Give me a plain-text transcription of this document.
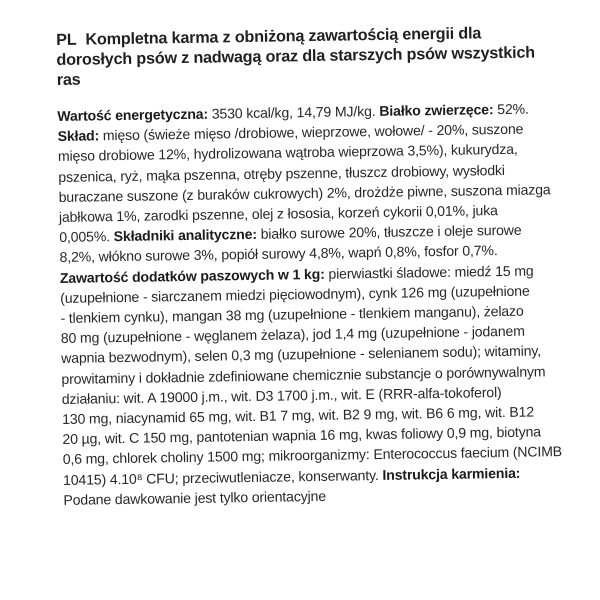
PL Kompletna karma z obniżoną zawartością energii dla
dorosłych psów z nadwagą oraz dla starszych psów wszystkich
ras
Wartość energetyczna: 3530 kcal/kg, 14,79 MJ/kg. Białko zwierzęce: 52%.
Skład: mięso (świeże mięso /drobiowe, wieprzowe, wołowe/ - 20%, suszone
mięso drobiowe 12%, hydrolizowana wątroba wieprzowa 3,5%), kukurydza,
pszenica, ryż, mąka pszenna, otręby pszenne, tłuszcz drobiowy, wysłodki
buraczane suszone (z buraków cukrowych) 2%, drożdże piwne, suszona miazga
jabłkowa 1%, zarodki pszenne, olej z łososia, korzeń cykorii 0,01%, juka
0,005%. Składniki analityczne: białko surowe 20%, tłuszcze i oleje surowe
8,2%, włókno surowe 3%, popiół surowy 4,8%, wapń 0,8%, fosfor 0,7%.
Zawartość dodatków paszowych w 1 kg: pierwiastki śladowe: miedź 15 mg
(uzupełnione - siarczanem miedzi pięciowodnym), cynk 126 mg (uzupełnione
- tlenkiem cynku), mangan 38 mg (uzupełnione - tlenkiem manganu), żelazo
80 mg (uzupełnione - węglanem żelaza), jod 1,4 mg (uzupełnione - jodanem
wapnia bezwodnym), selen 0,3 mg (uzupełnione - selenianem sodu); witaminy,
prowitaminy i dokładnie zdefiniowane chemicznie substancje o porównywalnym
działaniu: wit. A 19000 j.m., wit. D3 1700 j.m., wit. E (RRR-alfa-tokoferol)
130 mg, niacynamid 65 mg, wit. B1 7 mg, wit. B2 9 mg, wit. B6 6 mg, wit. B12
20 µg, wit. C 150 mg, pantotenian wapnia 16 mg, kwas foliowy 0,9 mg, biotyna
0,6 mg, chlorek choliny 1500 mg; mikroorganizmy: Enterococcus faecium (NCIMB
10415) 4.10⁸ CFU; przeciwutleniacze, konserwanty. Instrukcja karmienia:
Podane dawkowanie jest tylko orientacyjne
